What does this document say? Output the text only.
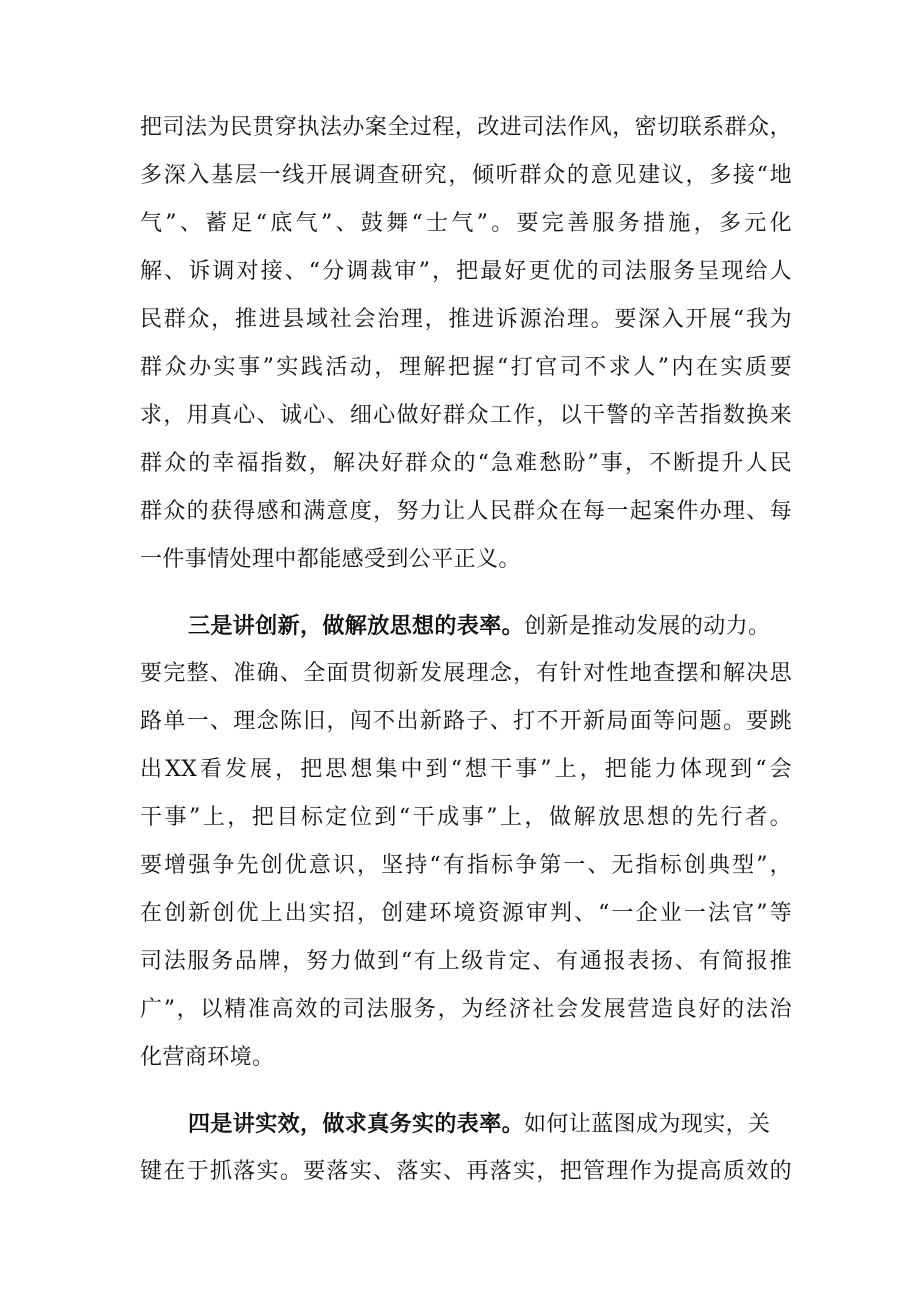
把司法为民贯穿执法办案全过程，改进司法作风，密切联系群众，
多深入基层一线开展调查研究，倾听群众的意见建议，多接“地
气”、蓄足“底气”、鼓舞“士气”。要完善服务措施，多元化
解、诉调对接、“分调裁审”，把最好更优的司法服务呈现给人
民群众，推进县域社会治理，推进诉源治理。要深入开展“我为
群众办实事”实践活动，理解把握“打官司不求人”内在实质要
求，用真心、诚心、细心做好群众工作，以干警的辛苦指数换来
群众的幸福指数，解决好群众的“急难愁盼”事，不断提升人民
群众的获得感和满意度，努力让人民群众在每一起案件办理、每
一件事情处理中都能感受到公平正义。
三是讲创新，做解放思想的表率。创新是推动发展的动力。
要完整、准确、全面贯彻新发展理念，有针对性地查摆和解决思
路单一、理念陈旧，闯不出新路子、打不开新局面等问题。要跳
出XX看发展，把思想集中到“想干事”上，把能力体现到“会
干事”上，把目标定位到“干成事”上，做解放思想的先行者。
要增强争先创优意识，坚持“有指标争第一、无指标创典型”，
在创新创优上出实招，创建环境资源审判、“一企业一法官”等
司法服务品牌，努力做到“有上级肯定、有通报表扬、有简报推
广”，以精准高效的司法服务，为经济社会发展营造良好的法治
化营商环境。
四是讲实效，做求真务实的表率。如何让蓝图成为现实，关
键在于抓落实。要落实、落实、再落实，把管理作为提高质效的
